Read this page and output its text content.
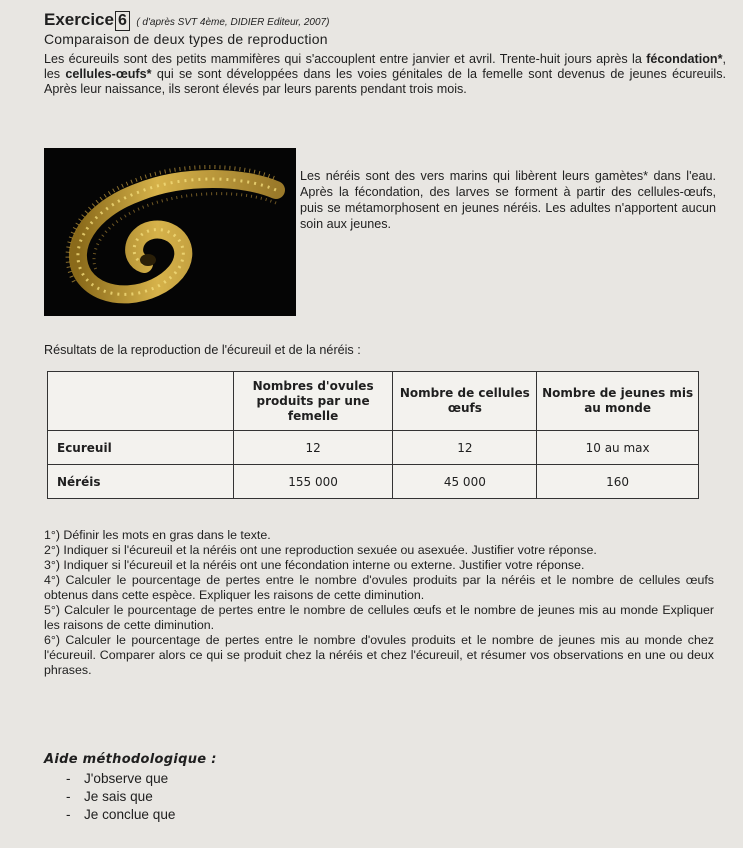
Exercice 6 ( d'après SVT 4ème, DIDIER Editeur, 2007)
Comparaison de deux types de reproduction

Les écureuils sont des petits mammifères qui s'accouplent entre janvier et avril. Trente-huit jours après la fécondation*, les cellules-œufs* qui se sont développées dans les voies génitales de la femelle sont devenus de jeunes écureuils. Après leur naissance, ils seront élevés par leurs parents pendant trois mois.

Les néréis sont des vers marins qui libèrent leurs gamètes* dans l'eau. Après la fécondation, des larves se forment à partir des cellules-œufs, puis se métamorphosent en jeunes néréis. Les adultes n'apportent aucun soin aux jeunes.

Résultats de la reproduction de l'écureuil et de la néréis :
	Nombres d'ovules produits par une femelle	Nombre de cellules œufs	Nombre de jeunes mis au monde
Ecureuil	12	12	10 au max
Néréis	155 000	45 000	160

1°) Définir les mots en gras dans le texte.

2°) Indiquer si l'écureuil et la néréis ont une reproduction sexuée ou asexuée. Justifier votre réponse.

3°) Indiquer si l'écureuil et la néréis ont une fécondation interne ou externe. Justifier votre réponse.

4°) Calculer le pourcentage de pertes entre le nombre d'ovules produits par la néréis et le nombre de cellules œufs obtenus dans cette espèce. Expliquer les raisons de cette diminution.

5°) Calculer le pourcentage de pertes entre le nombre de cellules œufs et le nombre de jeunes mis au monde Expliquer les raisons de cette diminution.

6°) Calculer le pourcentage de pertes entre le nombre d'ovules produits et le nombre de jeunes mis au monde chez l'écureuil. Comparer alors ce qui se produit chez la néréis et chez l'écureuil, et résumer vos observations en une ou deux phrases.

Aide méthodologique :
- J'observe que
- Je sais que
- Je conclue que
